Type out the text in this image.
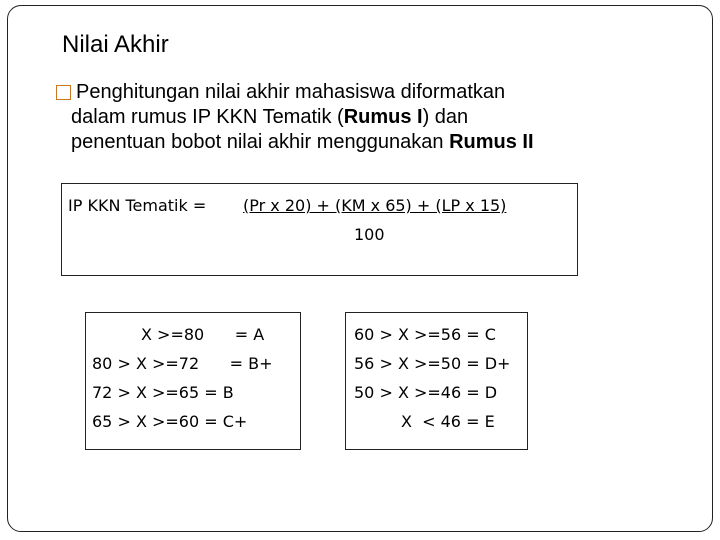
Nilai Akhir
Penghitungan nilai akhir mahasiswa diformatkan
dalam rumus IP KKN Tematik (Rumus I) dan
penentuan bobot nilai akhir menggunakan Rumus II
IP KKN Tematik = (Pr x 20) + (KM x 65) + (LP x 15)
100
X >=80      = A
80 > X >=72      = B+
72 > X >=65 = B
65 > X >=60 = C+
60 > X >=56 = C
56 > X >=50 = D+
50 > X >=46 = D
X  < 46 = E
